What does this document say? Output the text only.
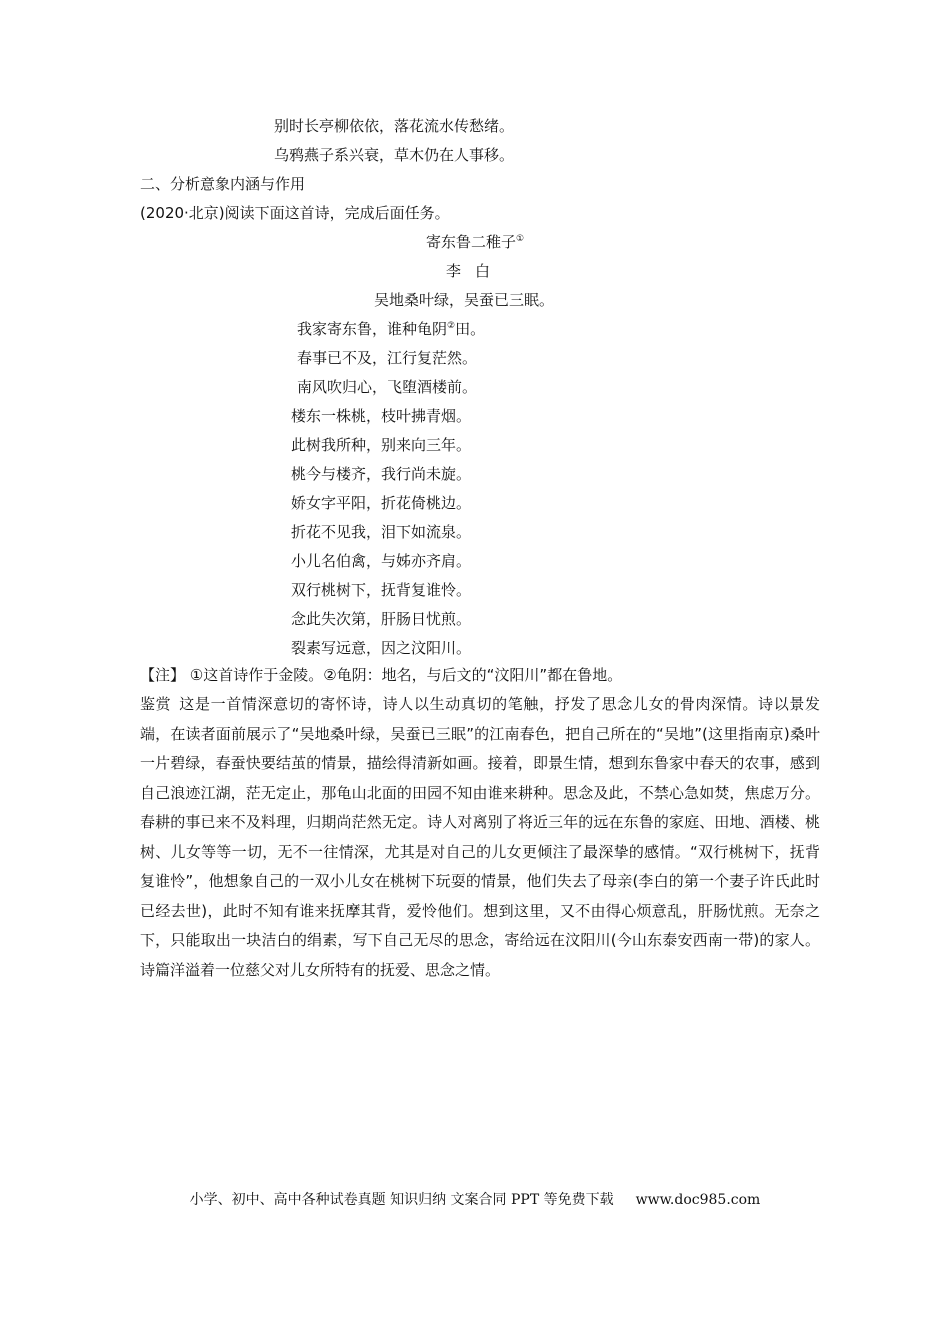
别时长亭柳依依，落花流水传愁绪。
乌鸦燕子系兴衰，草木仍在人事移。
二、分析意象内涵与作用
(2020·北京)阅读下面这首诗，完成后面任务。
寄东鲁二稚子①
李白
吴地桑叶绿，吴蚕已三眠。
我家寄东鲁，谁种龟阴②田。
春事已不及，江行复茫然。
南风吹归心，飞堕酒楼前。
楼东一株桃，枝叶拂青烟。
此树我所种，别来向三年。
桃今与楼齐，我行尚未旋。
娇女字平阳，折花倚桃边。
折花不见我，泪下如流泉。
小儿名伯禽，与姊亦齐肩。
双行桃树下，抚背复谁怜。
念此失次第，肝肠日忧煎。
裂素写远意，因之汶阳川。
【注】 ①这首诗作于金陵。②龟阴：地名，与后文的“汶阳川”都在鲁地。
鉴赏 这是一首情深意切的寄怀诗，诗人以生动真切的笔触，抒发了思念儿女的骨肉深情。诗以景发端，在读者面前展示了“吴地桑叶绿，吴蚕已三眠”的江南春色，把自己所在的“吴地”(这里指南京)桑叶一片碧绿，春蚕快要结茧的情景，描绘得清新如画。接着，即景生情，想到东鲁家中春天的农事，感到自己浪迹江湖，茫无定止，那龟山北面的田园不知由谁来耕种。思念及此，不禁心急如焚，焦虑万分。春耕的事已来不及料理，归期尚茫然无定。诗人对离别了将近三年的远在东鲁的家庭、田地、酒楼、桃树、儿女等等一切，无不一往情深，尤其是对自己的儿女更倾注了最深挚的感情。“双行桃树下，抚背复谁怜”，他想象自己的一双小儿女在桃树下玩耍的情景，他们失去了母亲(李白的第一个妻子许氏此时已经去世)，此时不知有谁来抚摩其背，爱怜他们。想到这里，又不由得心烦意乱，肝肠忧煎。无奈之下，只能取出一块洁白的绢素，写下自己无尽的思念，寄给远在汶阳川(今山东泰安西南一带)的家人。诗篇洋溢着一位慈父对儿女所特有的抚爱、思念之情。
小学、初中、高中各种试卷真题 知识归纳 文案合同 PPT 等免费下载 www.doc985.com
